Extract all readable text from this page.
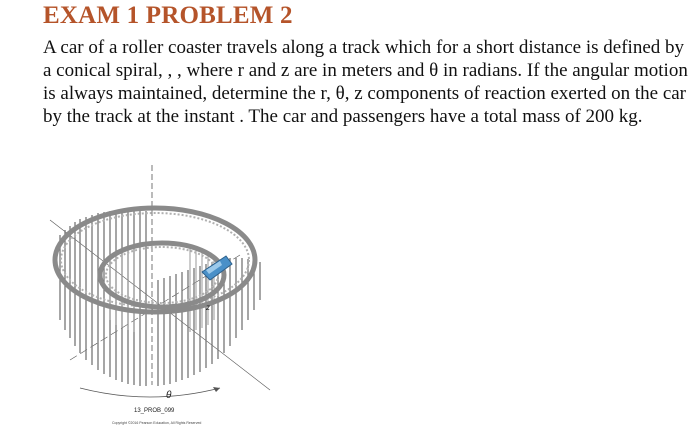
EXAM 1 PROBLEM 2

A car of a roller coaster travels along a track which for a short distance is defined by a conical spiral, , , where r and z are in meters and θ in radians. If the angular motion is always maintained, determine the r, θ, z components of reaction exerted on the car by the track at the instant . The car and passengers have a total mass of 200 kg.

θ
z
13_PROB_099
Copyright ©2016 Pearson Education, All Rights Reserved
